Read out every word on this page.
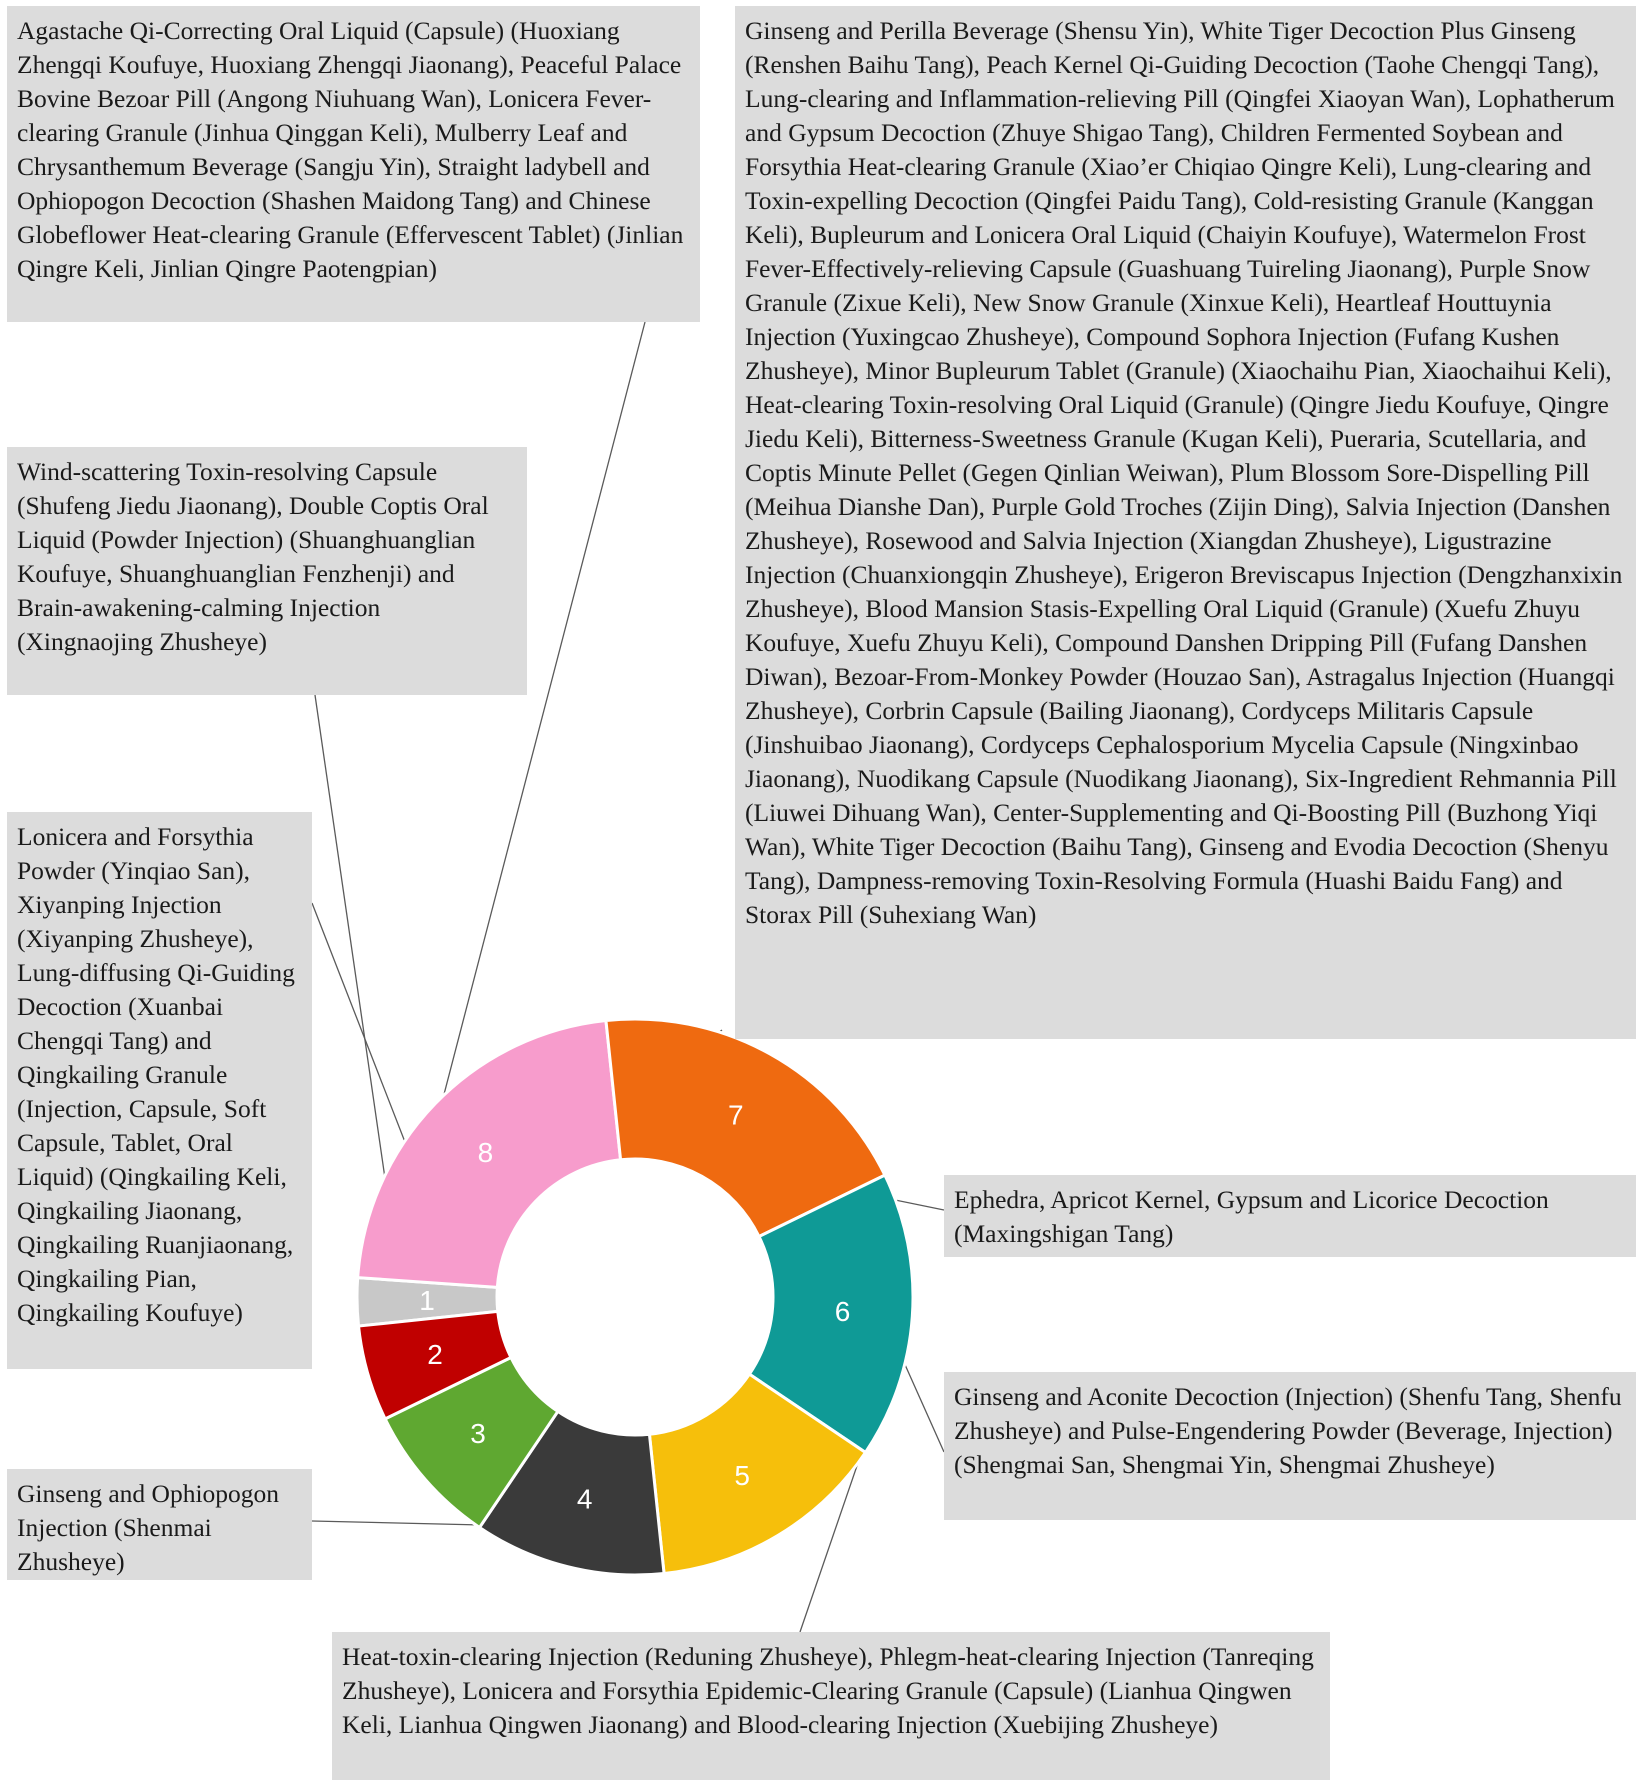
1
8
7
6
5
4
3
2
Agastache Qi-Correcting Oral Liquid (Capsule) (Huoxiang Zhengqi Koufuye, Huoxiang Zhengqi Jiaonang), Peaceful Palace Bovine Bezoar Pill (Angong Niuhuang Wan), Lonicera Fever-clearing Granule (Jinhua Qinggan Keli), Mulberry Leaf and Chrysanthemum Beverage (Sangju Yin), Straight ladybell and Ophiopogon Decoction (Shashen Maidong Tang) and Chinese Globeflower Heat-clearing Granule (Effervescent Tablet) (Jinlian Qingre Keli, Jinlian Qingre Paotengpian)
Ginseng and Perilla Beverage (Shensu Yin), White Tiger Decoction Plus Ginseng (Renshen Baihu Tang), Peach Kernel Qi-Guiding Decoction (Taohe Chengqi Tang), Lung-clearing and Inflammation-relieving Pill (Qingfei Xiaoyan Wan), Lophatherum and Gypsum Decoction (Zhuye Shigao Tang), Children Fermented Soybean and Forsythia Heat-clearing Granule (Xiao’er Chiqiao Qingre Keli), Lung-clearing and Toxin-expelling Decoction (Qingfei Paidu Tang), Cold-resisting Granule (Kanggan Keli), Bupleurum and Lonicera Oral Liquid (Chaiyin Koufuye), Watermelon Frost Fever-Effectively-relieving Capsule (Guashuang Tuireling Jiaonang), Purple Snow Granule (Zixue Keli), New Snow Granule (Xinxue Keli), Heartleaf Houttuynia Injection (Yuxingcao Zhusheye), Compound Sophora Injection (Fufang Kushen Zhusheye), Minor Bupleurum Tablet (Granule) (Xiaochaihu Pian, Xiaochaihui Keli), Heat-clearing Toxin-resolving Oral Liquid (Granule) (Qingre Jiedu Koufuye, Qingre Jiedu Keli), Bitterness-Sweetness Granule (Kugan Keli), Pueraria, Scutellaria, and Coptis Minute Pellet (Gegen Qinlian Weiwan), Plum Blossom Sore-Dispelling Pill (Meihua Dianshe Dan), Purple Gold Troches (Zijin Ding), Salvia Injection (Danshen Zhusheye), Rosewood and Salvia Injection (Xiangdan Zhusheye), Ligustrazine Injection (Chuanxiongqin Zhusheye), Erigeron Breviscapus Injection (Dengzhanxixin Zhusheye), Blood Mansion Stasis-Expelling Oral Liquid (Granule) (Xuefu Zhuyu Koufuye, Xuefu Zhuyu Keli), Compound Danshen Dripping Pill (Fufang Danshen Diwan), Bezoar-From-Monkey Powder (Houzao San), Astragalus Injection (Huangqi Zhusheye), Corbrin Capsule (Bailing Jiaonang), Cordyceps Militaris Capsule (Jinshuibao Jiaonang), Cordyceps Cephalosporium Mycelia Capsule (Ningxinbao Jiaonang), Nuodikang Capsule (Nuodikang Jiaonang), Six-Ingredient Rehmannia Pill (Liuwei Dihuang Wan), Center-Supplementing and Qi-Boosting Pill (Buzhong Yiqi Wan), White Tiger Decoction (Baihu Tang), Ginseng and Evodia Decoction (Shenyu Tang), Dampness-removing Toxin-Resolving Formula (Huashi Baidu Fang) and Storax Pill (Suhexiang Wan)
Wind-scattering Toxin-resolving Capsule (Shufeng Jiedu Jiaonang), Double Coptis Oral Liquid (Powder Injection) (Shuanghuanglian Koufuye, Shuanghuanglian Fenzhenji) and Brain-awakening-calming Injection (Xingnaojing Zhusheye)
Lonicera and Forsythia Powder (Yinqiao San), Xiyanping Injection (Xiyanping Zhusheye), Lung-diffusing Qi-Guiding Decoction (Xuanbai Chengqi Tang) and Qingkailing Granule (Injection, Capsule, Soft Capsule, Tablet, Oral Liquid) (Qingkailing Keli, Qingkailing Jiaonang, Qingkailing Ruanjiaonang, Qingkailing Pian, Qingkailing Koufuye)
Ginseng and Ophiopogon Injection (Shenmai Zhusheye)
Heat-toxin-clearing Injection (Reduning Zhusheye), Phlegm-heat-clearing Injection (Tanreqing Zhusheye), Lonicera and Forsythia Epidemic-Clearing Granule (Capsule) (Lianhua Qingwen Keli, Lianhua Qingwen Jiaonang) and Blood-clearing Injection (Xuebijing Zhusheye)
Ginseng and Aconite Decoction (Injection) (Shenfu Tang, Shenfu Zhusheye) and Pulse-Engendering Powder (Beverage, Injection) (Shengmai San, Shengmai Yin, Shengmai Zhusheye)
Ephedra, Apricot Kernel, Gypsum and Licorice Decoction (Maxingshigan Tang)
